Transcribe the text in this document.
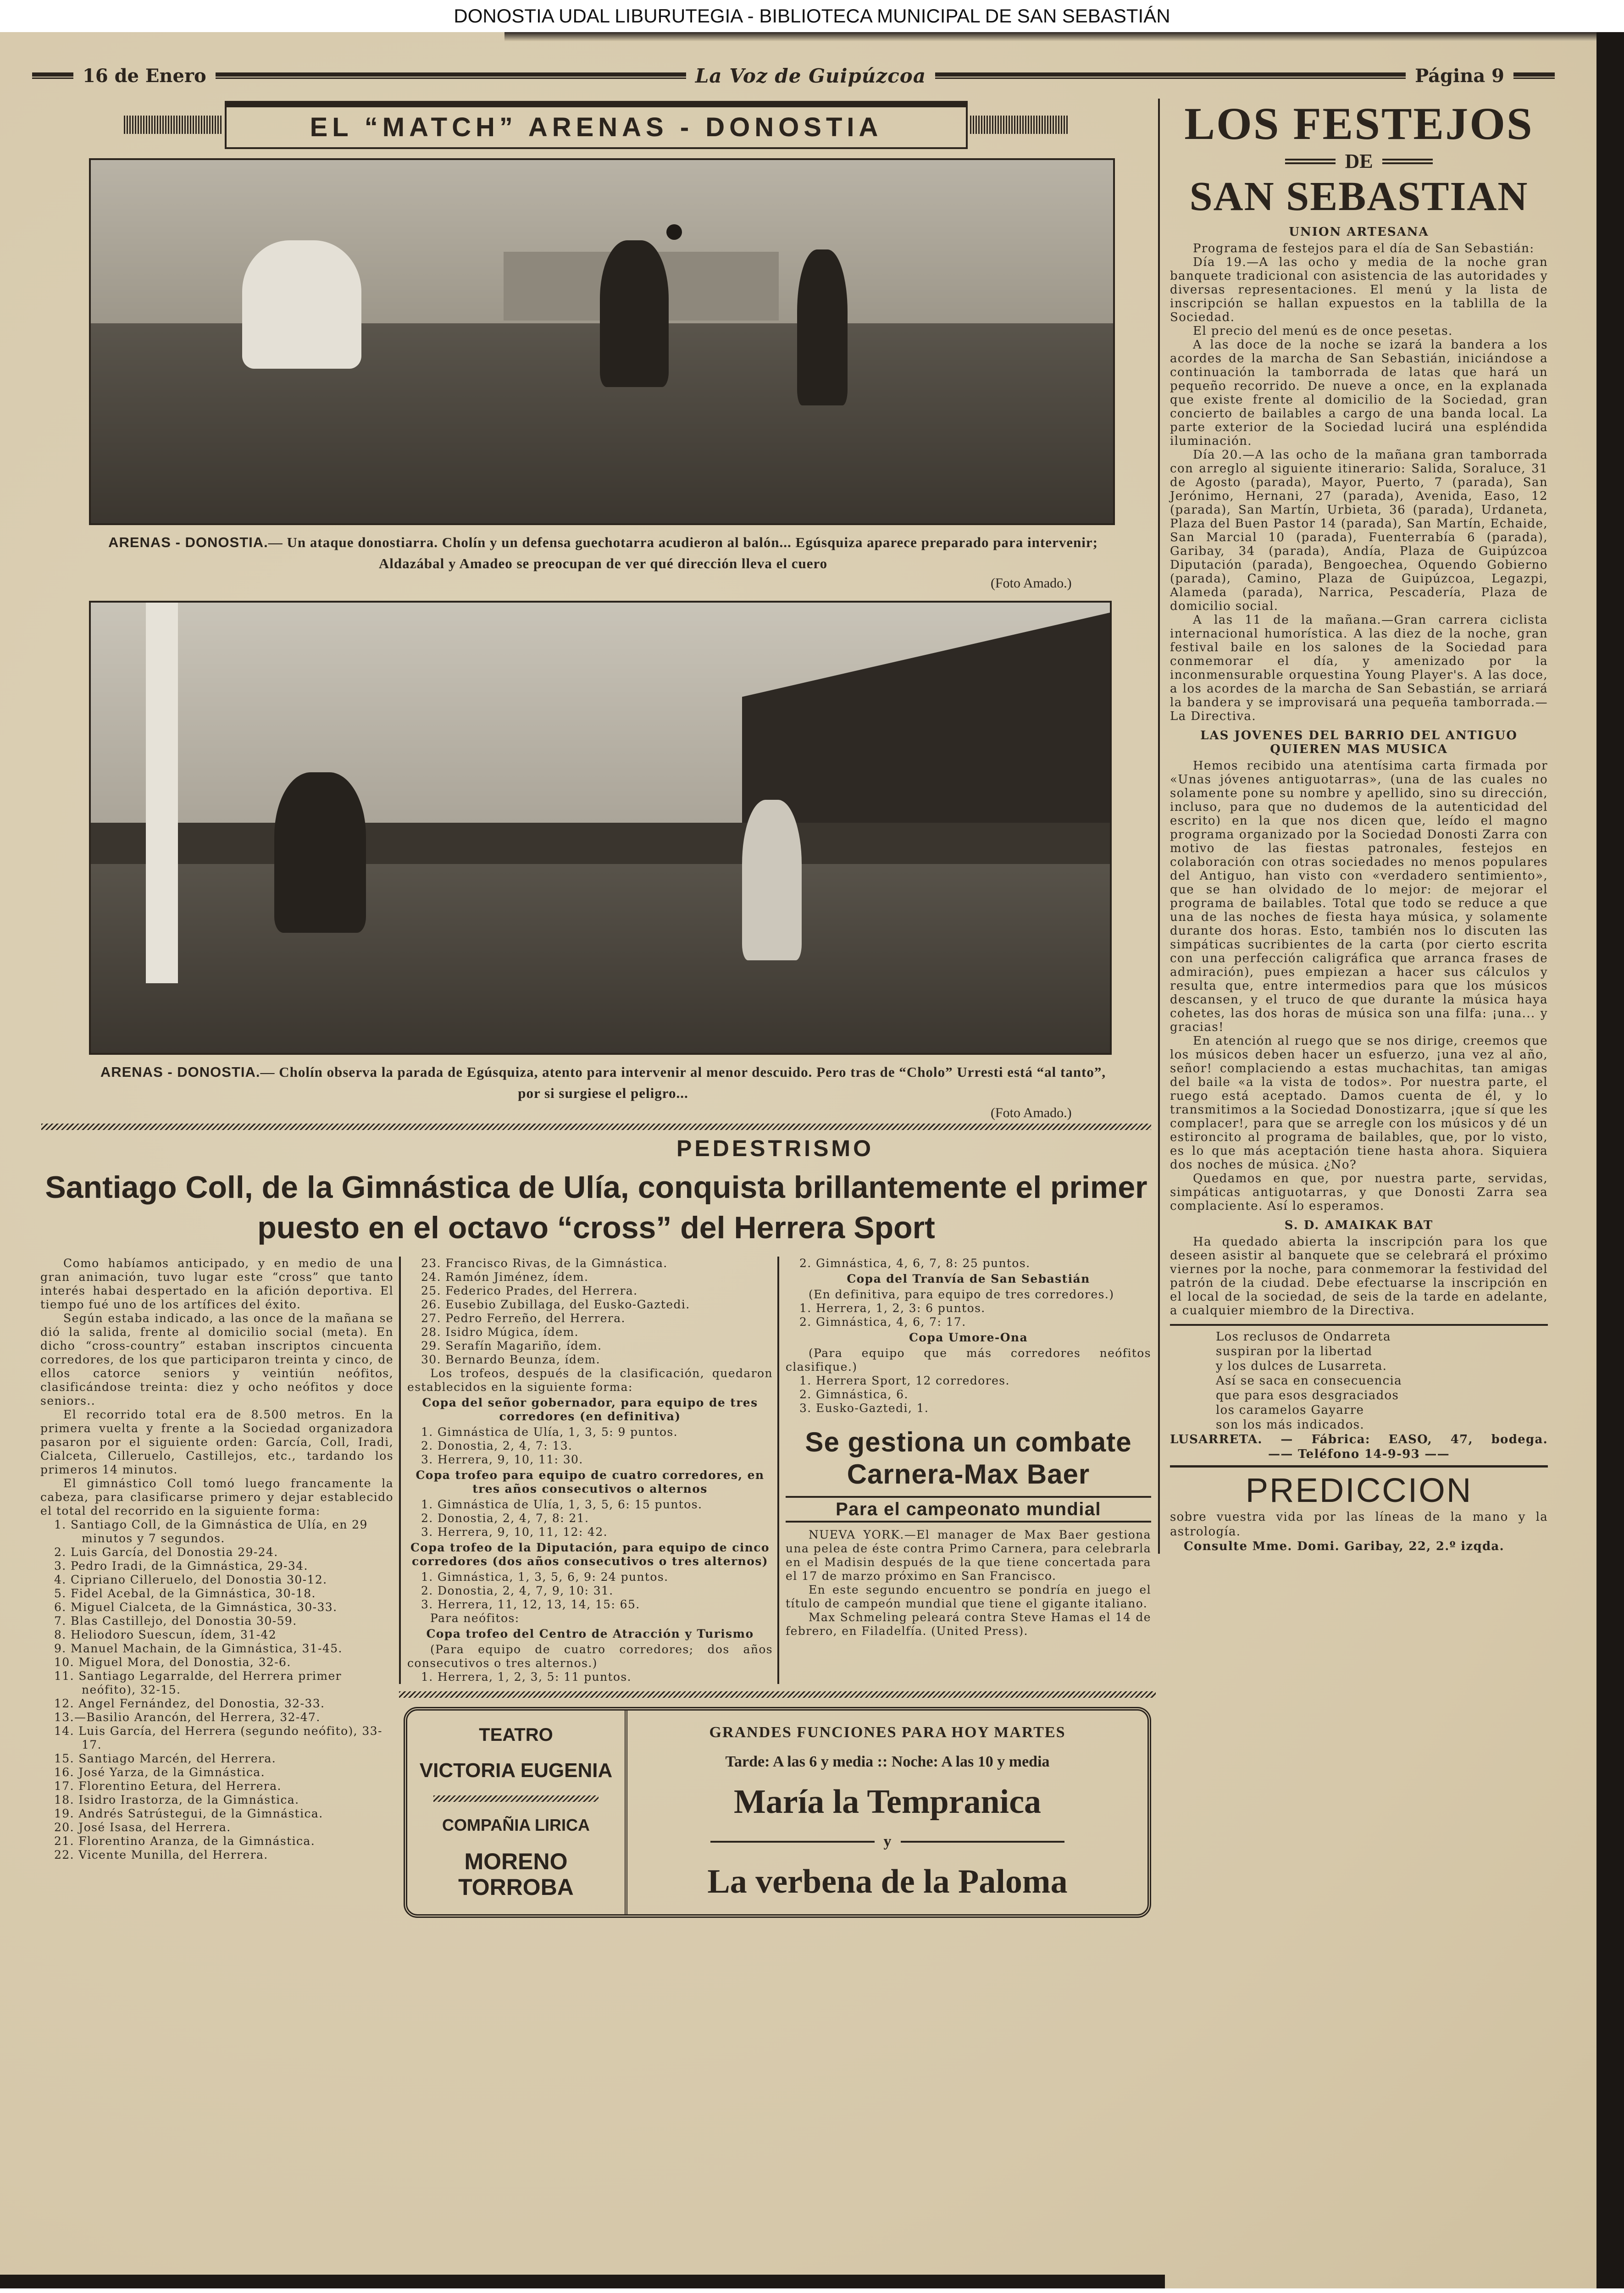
DONOSTIA UDAL LIBURUTEGIA - BIBLIOTECA MUNICIPAL DE SAN SEBASTIÁN
16 de Enero	La Voz de Guipúzcoa	Página 9
EL “MATCH” ARENAS - DONOSTIA
ARENAS - DONOSTIA.— Un ataque donostiarra. Cholín y un defensa guechotarra acudieron al balón... Egúsquiza aparece preparado para intervenir; Aldazábal y Amadeo se preocupan de ver qué dirección lleva el cuero
(Foto Amado.)
ARENAS - DONOSTIA.— Cholín observa la parada de Egúsquiza, atento para intervenir al menor descuido. Pero tras de “Cholo” Urresti está “al tanto”, por si surgiese el peligro...
(Foto Amado.)
PEDESTRISMO
Santiago Coll, de la Gimnástica de Ulía, conquista brillantemente el primer puesto en el octavo “cross” del Herrera Sport
Como habíamos anticipado, y en medio de una gran animación, tuvo lugar este “cross” que tanto interés habai despertado en la afición deportiva. El tiempo fué uno de los artífices del éxito.
Según estaba indicado, a las once de la mañana se dió la salida, frente al domicilio social (meta). En dicho “cross-country” estaban inscriptos cincuenta corredores, de los que participaron treinta y cinco, de ellos catorce seniors y veintiún neófitos, clasificándose treinta: diez y ocho neófitos y doce seniors..
El recorrido total era de 8.500 metros. En la primera vuelta y frente a la Sociedad organizadora pasaron por el siguiente orden: García, Coll, Iradi, Cialceta, Cilleruelo, Castillejos, etc., tardando los primeros 14 minutos.
El gimnástico Coll tomó luego francamente la cabeza, para clasificarse primero y dejar establecido el total del recorrido en la siguiente forma:
1. Santiago Coll, de la Gimnástica de Ulía, en 29 minutos y 7 segundos.
2. Luis García, del Donostia 29-24.
3. Pedro Iradi, de la Gimnástica, 29-34.
4. Cipriano Cilleruelo, del Donostia 30-12.
5. Fidel Acebal, de la Gimnástica, 30-18.
6. Miguel Cialceta, de la Gimnástica, 30-33.
7. Blas Castillejo, del Donostia 30-59.
8. Heliodoro Suescun, ídem, 31-42
9. Manuel Machain, de la Gimnástica, 31-45.
10. Miguel Mora, del Donostia, 32-6.
11. Santiago Legarralde, del Herrera primer neófito), 32-15.
12. Angel Fernández, del Donostia, 32-33.
13.—Basilio Arancón, del Herrera, 32-47.
14. Luis García, del Herrera (segundo neófito), 33-17.
15. Santiago Marcén, del Herrera.
16. José Yarza, de la Gimnástica.
17. Florentino Eetura, del Herrera.
18. Isidro Irastorza, de la Gimnástica.
19. Andrés Satrústegui, de la Gimnástica.
20. José Isasa, del Herrera.
21. Florentino Aranza, de la Gimnástica.
22. Vicente Munilla, del Herrera.
23. Francisco Rivas, de la Gimnástica.
24. Ramón Jiménez, ídem.
25. Federico Prades, del Herrera.
26. Eusebio Zubillaga, del Eusko-Gaztedi.
27. Pedro Ferreño, del Herrera.
28. Isidro Múgica, ídem.
29. Serafín Magariño, ídem.
30. Bernardo Beunza, ídem.
Los trofeos, después de la clasificación, quedaron establecidos en la siguiente forma:
Copa del señor gobernador, para equipo de tres corredores (en definitiva)
1. Gimnástica de Ulía, 1, 3, 5: 9 puntos.
2. Donostia, 2, 4, 7: 13.
3. Herrera, 9, 10, 11: 30.
Copa trofeo para equipo de cuatro corredores, en tres años consecutivos o alternos
1. Gimnástica de Ulía, 1, 3, 5, 6: 15 puntos.
2. Donostia, 2, 4, 7, 8: 21.
3. Herrera, 9, 10, 11, 12: 42.
Copa trofeo de la Diputación, para equipo de cinco corredores (dos años consecutivos o tres alternos)
1. Gimnástica, 1, 3, 5, 6, 9: 24 puntos.
2. Donostia, 2, 4, 7, 9, 10: 31.
3. Herrera, 11, 12, 13, 14, 15: 65.
Para neófitos:
Copa trofeo del Centro de Atracción y Turismo
(Para equipo de cuatro corredores; dos años consecutivos o tres alternos.)
1. Herrera, 1, 2, 3, 5: 11 puntos.
2. Gimnástica, 4, 6, 7, 8: 25 puntos.
Copa del Tranvía de San Sebastián
(En definitiva, para equipo de tres corredores.)
1. Herrera, 1, 2, 3: 6 puntos.
2. Gimnástica, 4, 6, 7: 17.
Copa Umore-Ona
(Para equipo que más corredores neófitos clasifique.)
1. Herrera Sport, 12 corredores.
2. Gimnástica, 6.
3. Eusko-Gaztedi, 1.
Se gestiona un combate Carnera-Max Baer
Para el campeonato mundial
NUEVA YORK.—El manager de Max Baer gestiona una pelea de éste contra Primo Carnera, para celebrarla en el Madisin después de la que tiene concertada para el 17 de marzo próximo en San Francisco.
En este segundo encuentro se pondría en juego el título de campeón mundial que tiene el gigante italiano.
Max Schmeling peleará contra Steve Hamas el 14 de febrero, en Filadelfía. (United Press).
TEATRO
VICTORIA EUGENIA
COMPAÑIA LIRICA
MORENO TORROBA
GRANDES FUNCIONES PARA HOY MARTES
Tarde: A las 6 y media :: Noche: A las 10 y media
María la Tempranica
y
La verbena de la Paloma
LOS FESTEJOS
DE
SAN SEBASTIAN
UNION ARTESANA
Programa de festejos para el día de San Sebastián:
Día 19.—A las ocho y media de la noche gran banquete tradicional con asistencia de las autoridades y diversas representaciones. El menú y la lista de inscripción se hallan expuestos en la tablilla de la Sociedad.
El precio del menú es de once pesetas.
A las doce de la noche se izará la bandera a los acordes de la marcha de San Sebastián, iniciándose a continuación la tamborrada de latas que hará un pequeño recorrido. De nueve a once, en la explanada que existe frente al domicilio de la Sociedad, gran concierto de bailables a cargo de una banda local. La parte exterior de la Sociedad lucirá una espléndida iluminación.
Día 20.—A las ocho de la mañana gran tamborrada con arreglo al siguiente itinerario: Salida, Soraluce, 31 de Agosto (parada), Mayor, Puerto, 7 (parada), San Jerónimo, Hernani, 27 (parada), Avenida, Easo, 12 (parada), San Martín, Urbieta, 36 (parada), Urdaneta, Plaza del Buen Pastor 14 (parada), San Martín, Echaide, San Marcial 10 (parada), Fuenterrabía 6 (parada), Garibay, 34 (parada), Andía, Plaza de Guipúzcoa Diputación (parada), Bengoechea, Oquendo Gobierno (parada), Camino, Plaza de Guipúzcoa, Legazpi, Alameda (parada), Narrica, Pescadería, Plaza de domicilio social.
A las 11 de la mañana.—Gran carrera ciclista internacional humorística. A las diez de la noche, gran festival baile en los salones de la Sociedad para conmemorar el día, y amenizado por la inconmensurable orquestina Young Player's. A las doce, a los acordes de la marcha de San Sebastián, se arriará la bandera y se improvisará una pequeña tamborrada.—La Directiva.
LAS JOVENES DEL BARRIO DEL ANTIGUO QUIEREN MAS MUSICA
Hemos recibido una atentísima carta firmada por «Unas jóvenes antiguotarras», (una de las cuales no solamente pone su nombre y apellido, sino su dirección, incluso, para que no dudemos de la autenticidad del escrito) en la que nos dicen que, leído el magno programa organizado por la Sociedad Donosti Zarra con motivo de las fiestas patronales, festejos en colaboración con otras sociedades no menos populares del Antiguo, han visto con «verdadero sentimiento», que se han olvidado de lo mejor: de mejorar el programa de bailables. Total que todo se reduce a que una de las noches de fiesta haya música, y solamente durante dos horas. Esto, también nos lo discuten las simpáticas sucribientes de la carta (por cierto escrita con una perfección caligráfica que arranca frases de admiración), pues empiezan a hacer sus cálculos y resulta que, entre intermedios para que los músicos descansen, y el truco de que durante la música haya cohetes, las dos horas de música son una filfa: ¡una... y gracias!
En atención al ruego que se nos dirige, creemos que los músicos deben hacer un esfuerzo, ¡una vez al año, señor! complaciendo a estas muchachitas, tan amigas del baile «a la vista de todos». Por nuestra parte, el ruego está aceptado. Damos cuenta de él, y lo transmitimos a la Sociedad Donostizarra, ¡que sí que les complacer!, para que se arregle con los músicos y dé un estironcito al programa de bailables, que, por lo visto, es lo que más aceptación tiene hasta ahora. Siquiera dos noches de música. ¿No?
Quedamos en que, por nuestra parte, servidas, simpáticas antiguotarras, y que Donosti Zarra sea complaciente. Así lo esperamos.
S. D. AMAIKAK BAT
Ha quedado abierta la inscripción para los que deseen asistir al banquete que se celebrará el próximo viernes por la noche, para conmemorar la festividad del patrón de la ciudad. Debe efectuarse la inscripción en el local de la sociedad, de seis de la tarde en adelante, a cualquier miembro de la Directiva.
Los reclusos de Ondarreta
suspiran por la libertad
y los dulces de Lusarreta.
Así se saca en consecuencia
que para esos desgraciados
los caramelos Gayarre
son los más indicados.
LUSARRETA. — Fábrica: EASO, 47, bodega.
—— Teléfono 14-9-93 ——
PREDICCION
sobre vuestra vida por las líneas de la mano y la astrología.
Consulte Mme. Domi. Garibay, 22, 2.º izqda.
